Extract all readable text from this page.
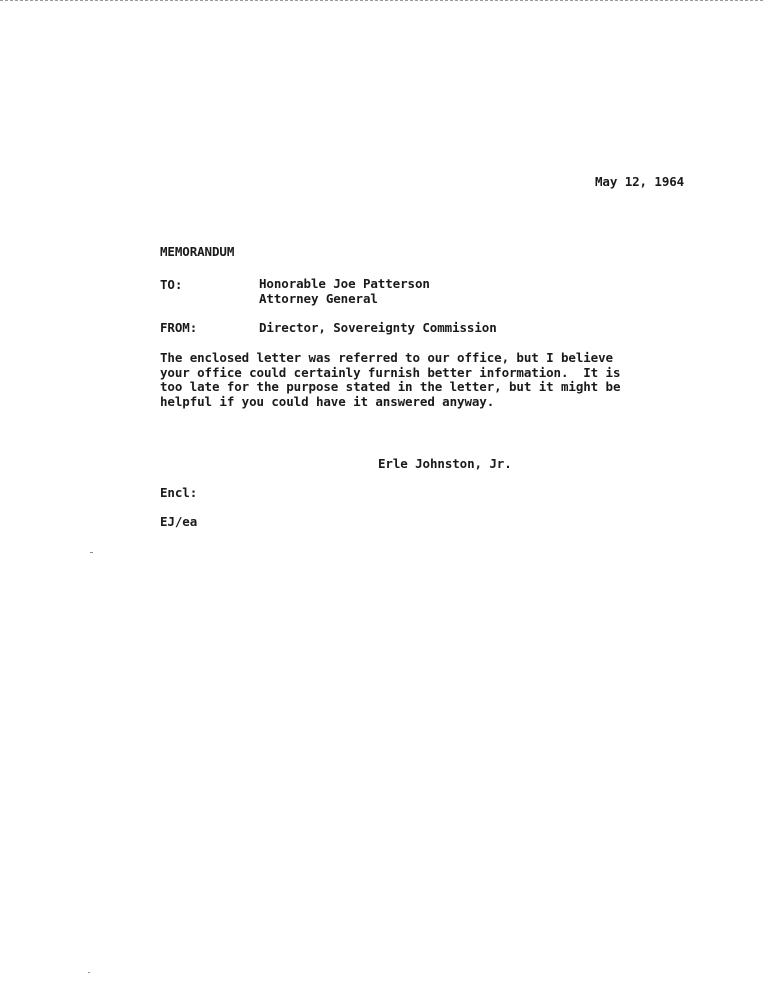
May 12, 1964
MEMORANDUM
TO:	Honorable Joe Patterson
Attorney General
FROM:	Director, Sovereignty Commission
The enclosed letter was referred to our office, but I believe
your office could certainly furnish better information.  It is
too late for the purpose stated in the letter, but it might be
helpful if you could have it answered anyway.
Erle Johnston, Jr.
Encl:
EJ/ea
